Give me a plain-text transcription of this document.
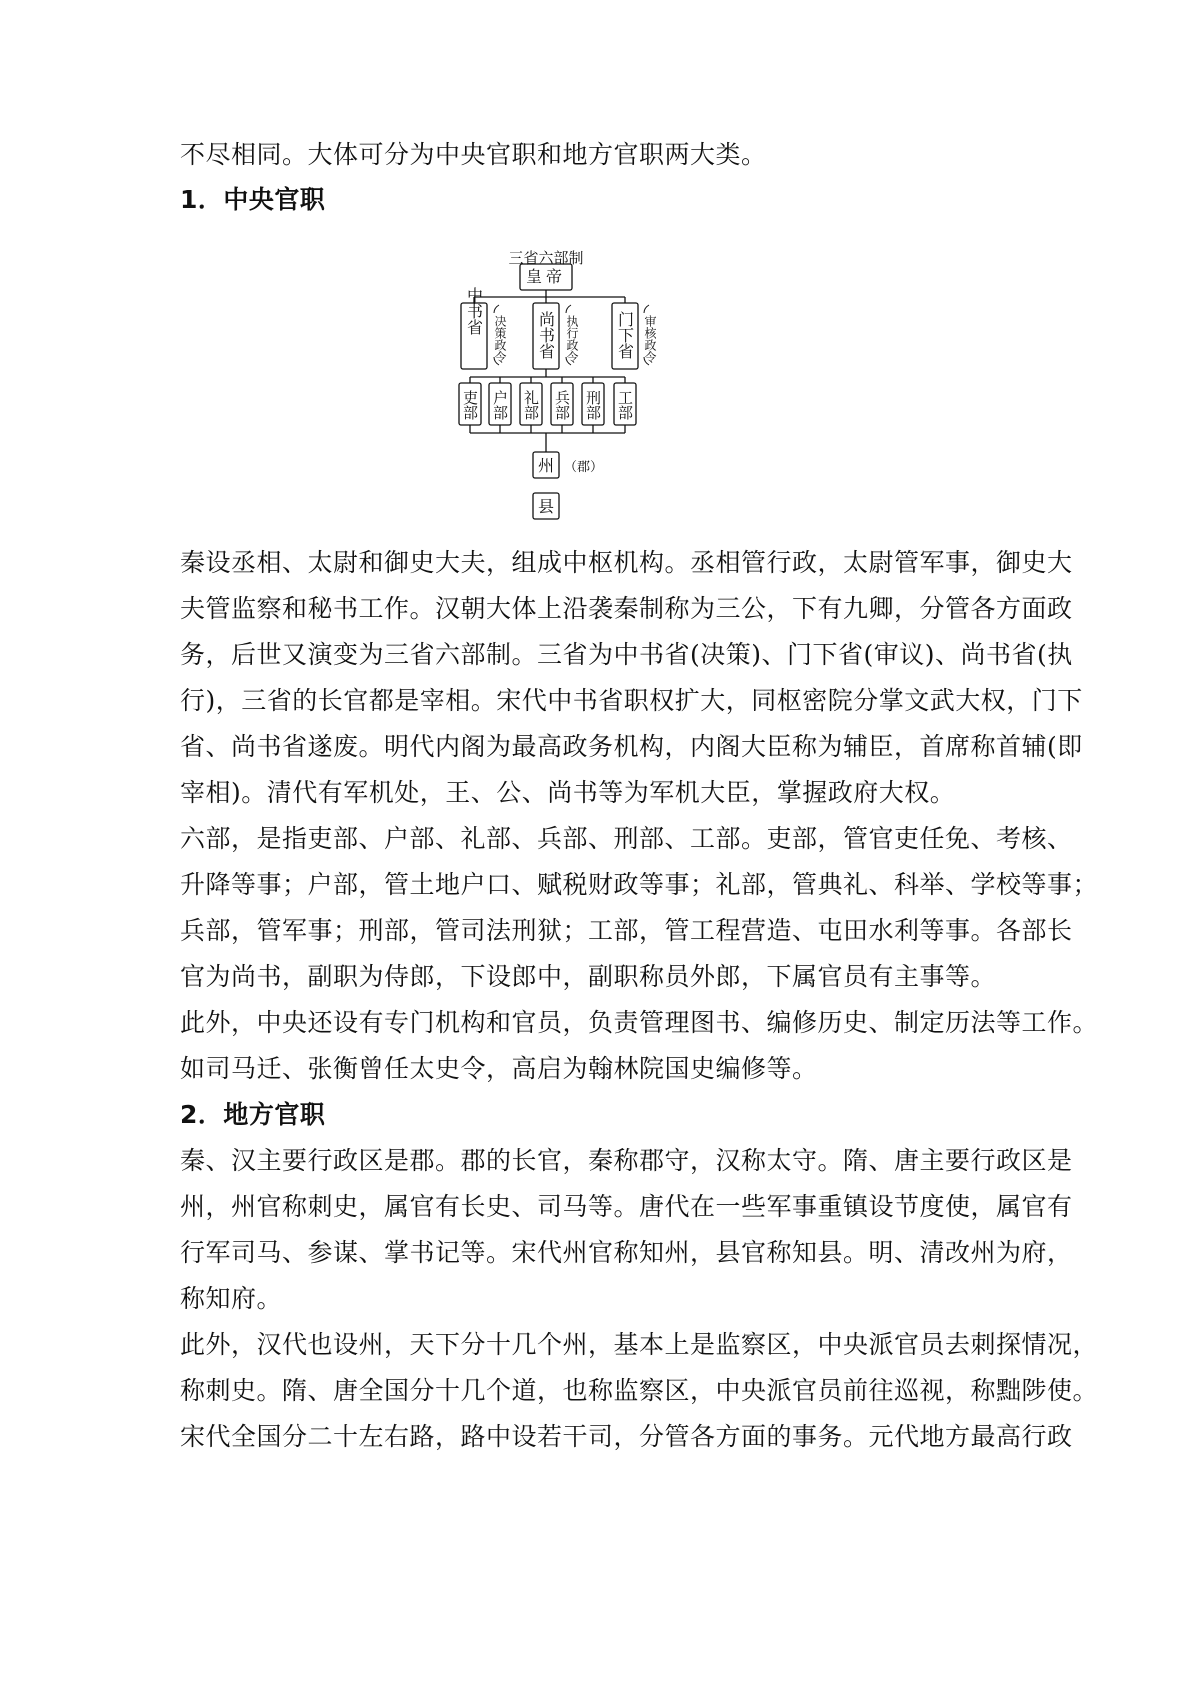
不尽相同。大体可分为中央官职和地方官职两大类。
1．中央官职
三省六部制
皇帝
中书省	尚书省	门下省
决策政令	执行政令	审核政令
吏部 户部 礼部 兵部 刑部 工部
州 （郡）
县
秦设丞相、太尉和御史大夫，组成中枢机构。丞相管行政，太尉管军事，御史大
夫管监察和秘书工作。汉朝大体上沿袭秦制称为三公，下有九卿，分管各方面政
务，后世又演变为三省六部制。三省为中书省(决策)、门下省(审议)、尚书省(执
行)，三省的长官都是宰相。宋代中书省职权扩大，同枢密院分掌文武大权，门下
省、尚书省遂废。明代内阁为最高政务机构，内阁大臣称为辅臣，首席称首辅(即
宰相)。清代有军机处，王、公、尚书等为军机大臣，掌握政府大权。
六部，是指吏部、户部、礼部、兵部、刑部、工部。吏部，管官吏任免、考核、
升降等事；户部，管土地户口、赋税财政等事；礼部，管典礼、科举、学校等事；
兵部，管军事；刑部，管司法刑狱；工部，管工程营造、屯田水利等事。各部长
官为尚书，副职为侍郎，下设郎中，副职称员外郎，下属官员有主事等。
此外，中央还设有专门机构和官员，负责管理图书、编修历史、制定历法等工作。
如司马迁、张衡曾任太史令，高启为翰林院国史编修等。
2．地方官职
秦、汉主要行政区是郡。郡的长官，秦称郡守，汉称太守。隋、唐主要行政区是
州，州官称刺史，属官有长史、司马等。唐代在一些军事重镇设节度使，属官有
行军司马、参谋、掌书记等。宋代州官称知州，县官称知县。明、清改州为府，
称知府。
此外，汉代也设州，天下分十几个州，基本上是监察区，中央派官员去刺探情况，
称刺史。隋、唐全国分十几个道，也称监察区，中央派官员前往巡视，称黜陟使。
宋代全国分二十左右路，路中设若干司，分管各方面的事务。元代地方最高行政
